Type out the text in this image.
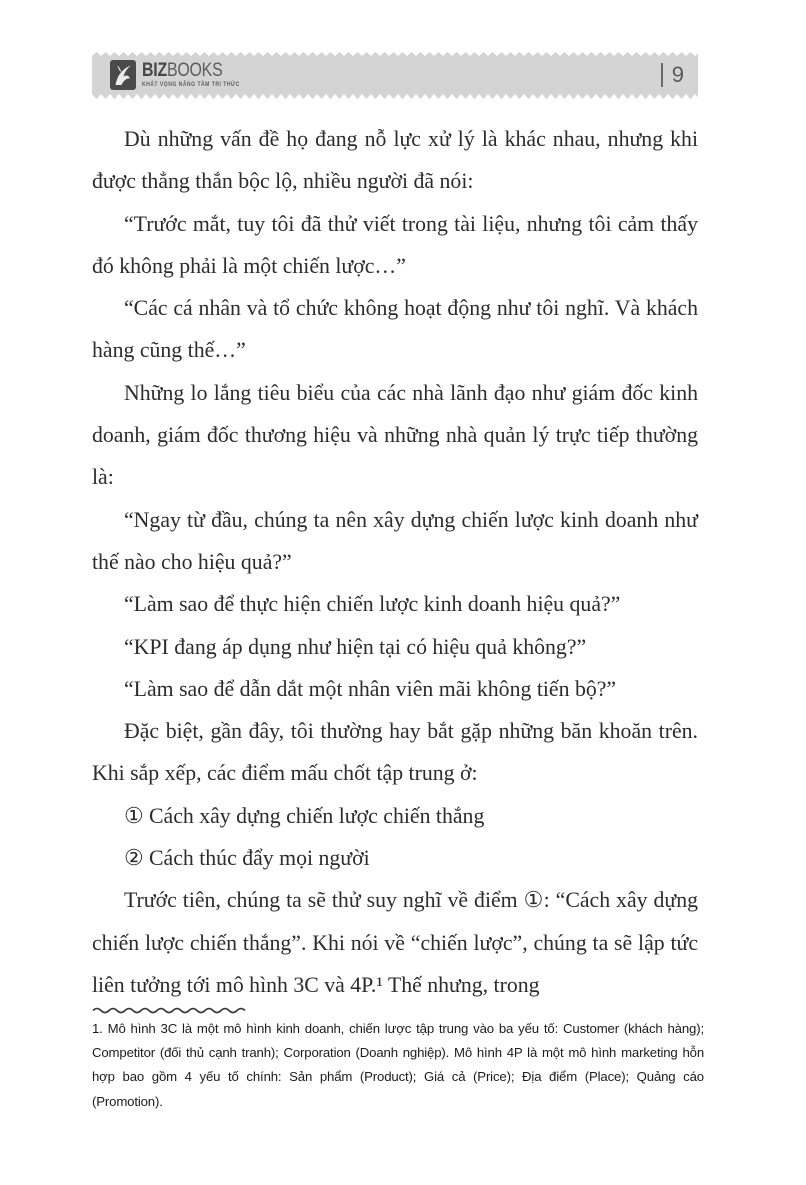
BIZBOOKS
KHÁT VỌNG NÂNG TẦM TRI THỨC	9

Dù những vấn đề họ đang nỗ lực xử lý là khác nhau, nhưng khi được thẳng thắn bộc lộ, nhiều người đã nói:

“Trước mắt, tuy tôi đã thử viết trong tài liệu, nhưng tôi cảm thấy đó không phải là một chiến lược…”

“Các cá nhân và tổ chức không hoạt động như tôi nghĩ. Và khách hàng cũng thế…”

Những lo lắng tiêu biểu của các nhà lãnh đạo như giám đốc kinh doanh, giám đốc thương hiệu và những nhà quản lý trực tiếp thường là:

“Ngay từ đầu, chúng ta nên xây dựng chiến lược kinh doanh như thế nào cho hiệu quả?”

“Làm sao để thực hiện chiến lược kinh doanh hiệu quả?”

“KPI đang áp dụng như hiện tại có hiệu quả không?”

“Làm sao để dẫn dắt một nhân viên mãi không tiến bộ?”

Đặc biệt, gần đây, tôi thường hay bắt gặp những băn khoăn trên. Khi sắp xếp, các điểm mấu chốt tập trung ở:

① Cách xây dựng chiến lược chiến thắng

② Cách thúc đẩy mọi người

Trước tiên, chúng ta sẽ thử suy nghĩ về điểm ①: “Cách xây dựng chiến lược chiến thắng”. Khi nói về “chiến lược”, chúng ta sẽ lập tức liên tưởng tới mô hình 3C và 4P.¹ Thế nhưng, trong

1. Mô hình 3C là một mô hình kinh doanh, chiến lược tập trung vào ba yếu tố: Customer (khách hàng); Competitor (đối thủ cạnh tranh); Corporation (Doanh nghiệp). Mô hình 4P là một mô hình marketing hỗn hợp bao gồm 4 yếu tố chính: Sản phẩm (Product); Giá cả (Price); Địa điểm (Place); Quảng cáo (Promotion).
